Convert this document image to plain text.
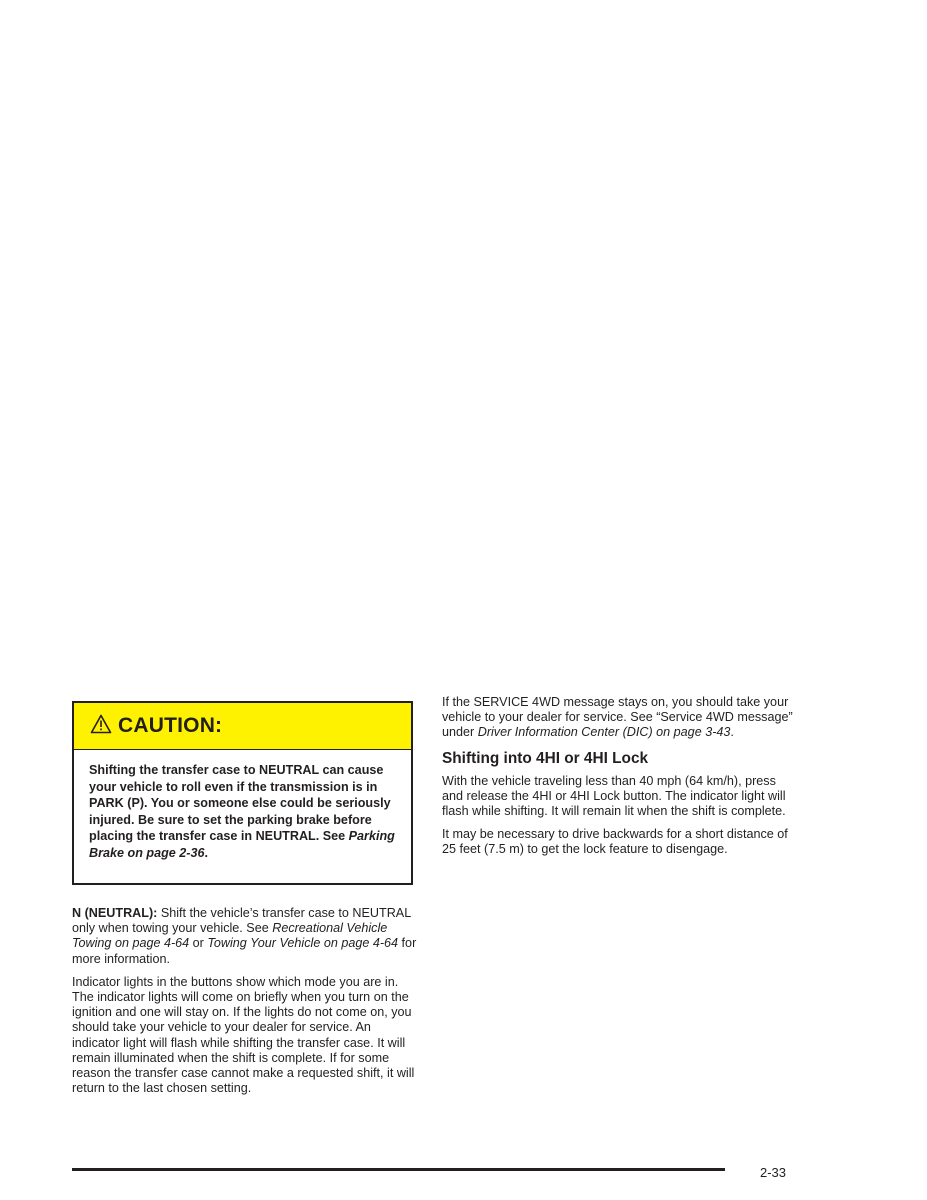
CAUTION:
Shifting the transfer case to NEUTRAL can cause your vehicle to roll even if the transmission is in PARK (P). You or someone else could be seriously injured. Be sure to set the parking brake before placing the transfer case in NEUTRAL. See Parking Brake on page 2-36.

N (NEUTRAL): Shift the vehicle’s transfer case to NEUTRAL only when towing your vehicle. See Recreational Vehicle Towing on page 4-64 or Towing Your Vehicle on page 4-64 for more information.

Indicator lights in the buttons show which mode you are in. The indicator lights will come on briefly when you turn on the ignition and one will stay on. If the lights do not come on, you should take your vehicle to your dealer for service. An indicator light will flash while shifting the transfer case. It will remain illuminated when the shift is complete. If for some reason the transfer case cannot make a requested shift, it will return to the last chosen setting.

If the SERVICE 4WD message stays on, you should take your vehicle to your dealer for service. See “Service 4WD message” under Driver Information Center (DIC) on page 3-43.

Shifting into 4HI or 4HI Lock

With the vehicle traveling less than 40 mph (64 km/h), press and release the 4HI or 4HI Lock button. The indicator light will flash while shifting. It will remain lit when the shift is complete.

It may be necessary to drive backwards for a short distance of 25 feet (7.5 m) to get the lock feature to disengage.

2-33
